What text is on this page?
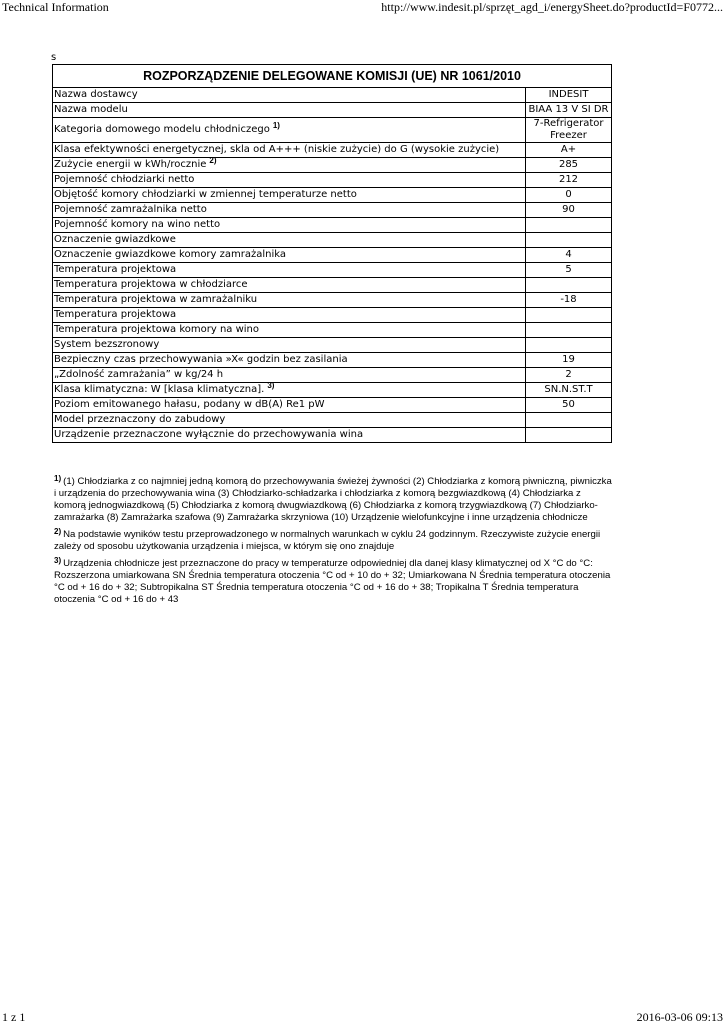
Technical Information	http://www.indesit.pl/sprzęt_agd_i/energySheet.do?productId=F0772...
s
ROZPORZĄDZENIE DELEGOWANE KOMISJI (UE) NR 1061/2010	
Nazwa dostawcy	INDESIT
Nazwa modelu	BIAA 13 V SI DR
Kategoria domowego modelu chłodniczego $^{1)}$	7-Refrigerator Freezer
Klasa efektywności energetycznej, skla od A+++ (niskie zużycie) do G (wysokie zużycie)	A+
Zużycie energii w kWh/rocznie $^{2)}$	285
Pojemność chłodziarki netto	212
Objętość komory chłodziarki w zmiennej temperaturze netto	0
Pojemność zamrażalnika netto	90
Pojemność komory na wino netto	
Oznaczenie gwiazdkowe	
Oznaczenie gwiazdkowe komory zamrażalnika	4
Temperatura projektowa	5
Temperatura projektowa w chłodziarce	
Temperatura projektowa w zamrażalniku	-18
Temperatura projektowa	
Temperatura projektowa komory na wino	
System bezszronowy	
Bezpieczny czas przechowywania »X« godzin bez zasilania	19
„Zdolność zamrażania” w kg/24 h	2
Klasa klimatyczna: W [klasa klimatyczna]. $^{3)}$	SN.N.ST.T
Poziom emitowanego hałasu, podany w dB(A) Re1 pW	50
Model przeznaczony do zabudowy	
Urządzenie przeznaczone wyłącznie do przechowywania wina	

$^{1)}$ (1) Chłodziarka z co najmniej jedną komorą do przechowywania świeżej żywności (2) Chłodziarka z komorą piwniczną, piwniczka i urządzenia do przechowywania wina (3) Chłodziarko-schładzarka i chłodziarka z komorą bezgwiazdkową (4) Chłodziarka z komorą jednogwiazdkową (5) Chłodziarka z komorą dwugwiazdkową (6) Chłodziarka z komorą trzygwiazdkową (7) Chłodziarko-zamrażarka (8) Zamrażarka szafowa (9) Zamrażarka skrzyniowa (10) Urządzenie wielofunkcyjne i inne urządzenia chłodnicze

$^{2)}$ Na podstawie wyników testu przeprowadzonego w normalnych warunkach w cyklu 24 godzinnym. Rzeczywiste zużycie energii zależy od sposobu użytkowania urządzenia i miejsca, w którym się ono znajduje

$^{3)}$ Urządzenia chłodnicze jest przeznaczone do pracy w temperaturze odpowiedniej dla danej klasy klimatycznej od X °C do °C: Rozszerzona umiarkowana SN Średnia temperatura otoczenia °C od + 10 do + 32; Umiarkowana N Średnia temperatura otoczenia °C od + 16 do + 32; Subtropikalna ST Średnia temperatura otoczenia °C od + 16 do + 38; Tropikalna T Średnia temperatura otoczenia °C od + 16 do + 43

1 z 1	2016-03-06 09:13
